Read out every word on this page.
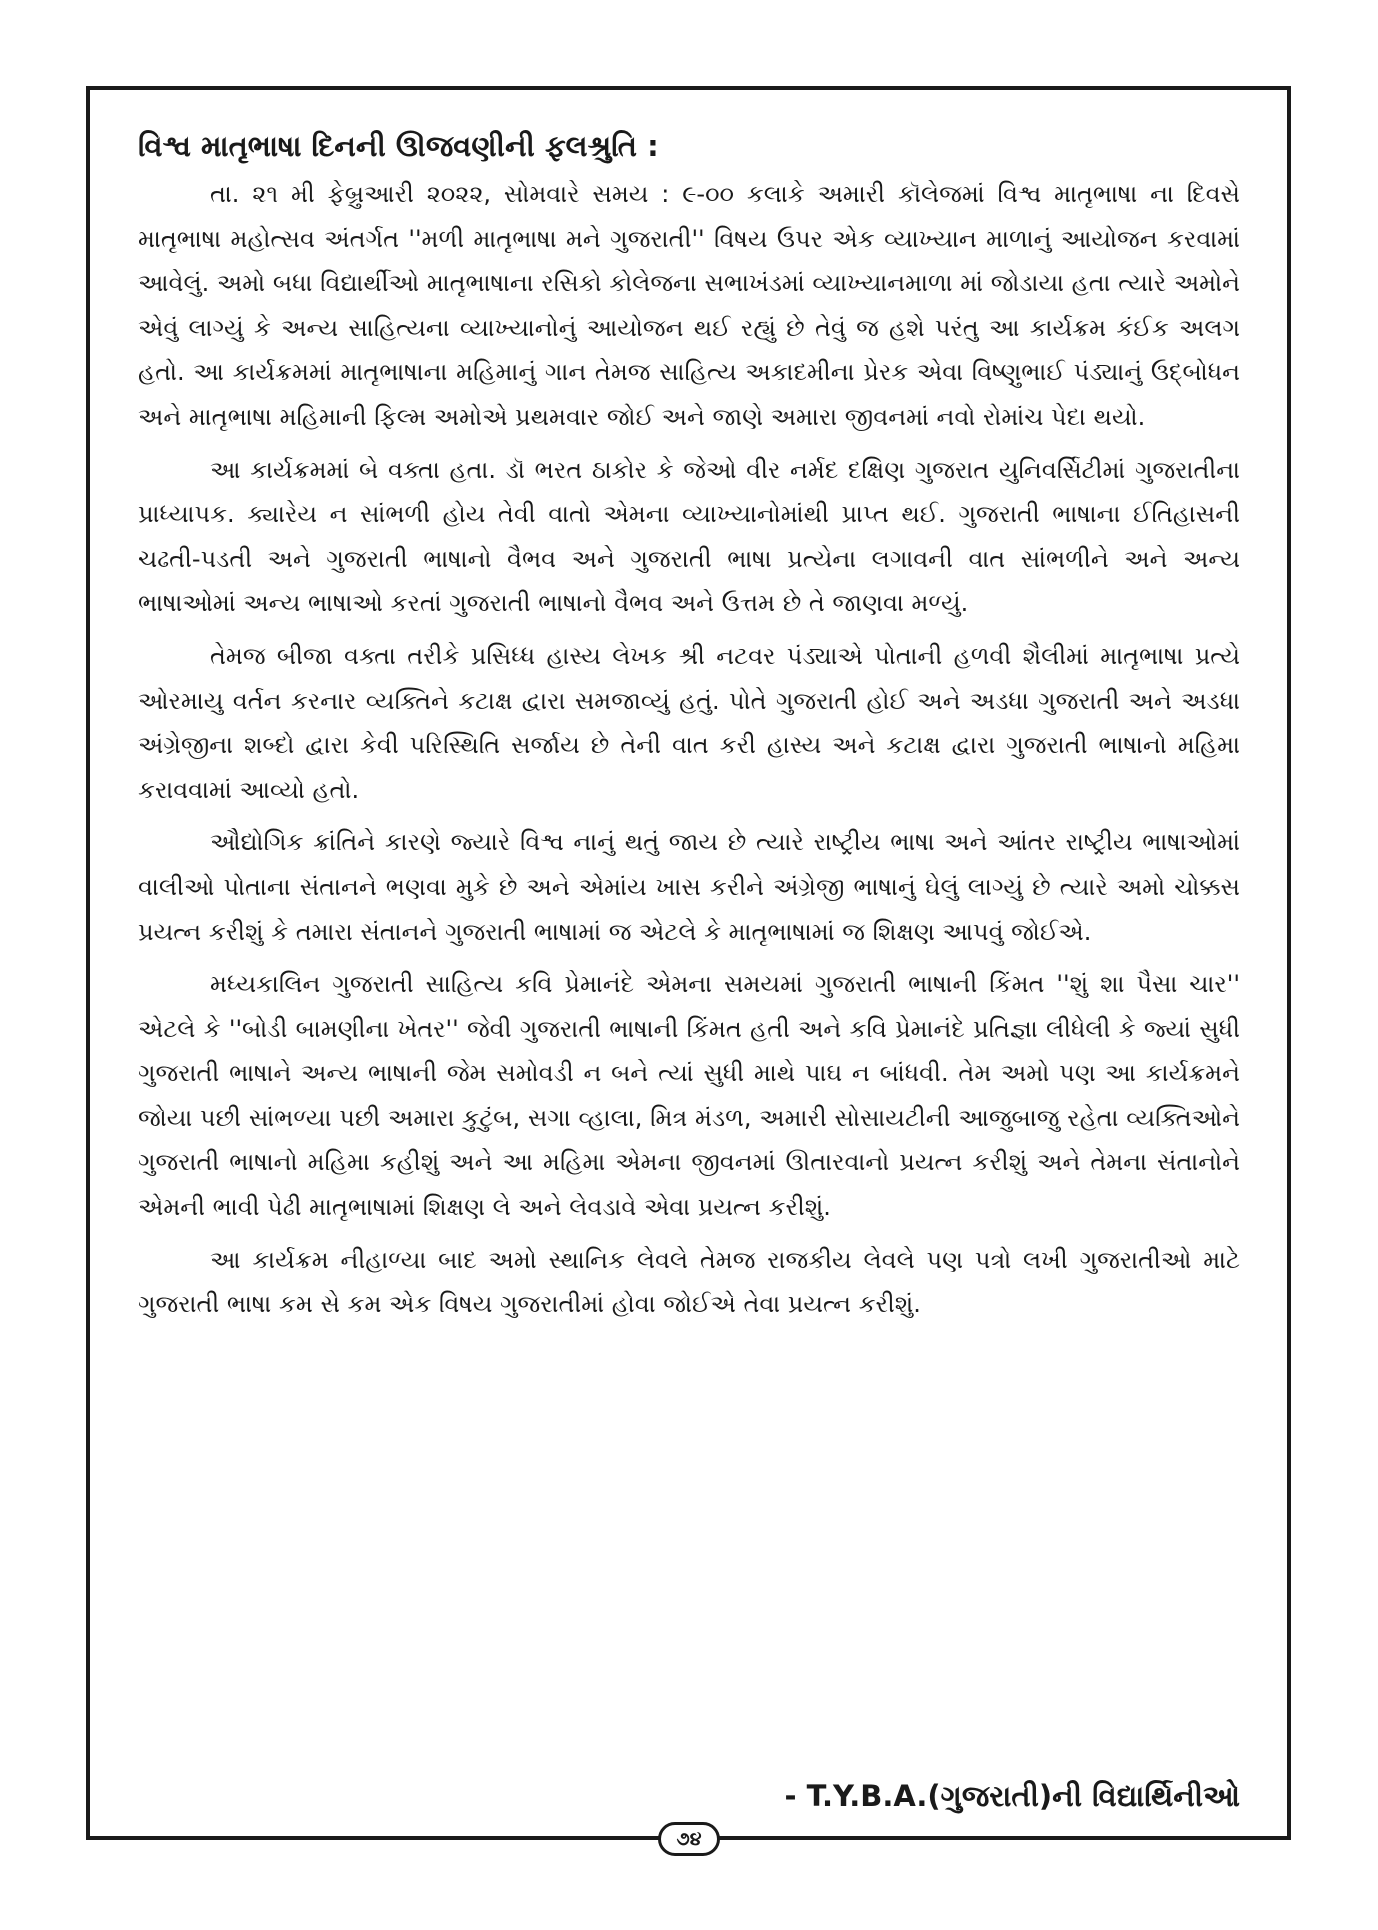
વિશ્વ માતૃભાષા દિનની ઊજવણીની ફલશ્રુતિ :

તા. ૨૧ મી ફેબ્રુઆરી ૨૦૨૨, સોમવારે સમય : ૯-૦૦ કલાકે અમારી કૉલેજમાં વિશ્વ માતૃભાષા ના દિવસે માતૃભાષા મહોત્સવ અંતર્ગત ''મળી માતૃભાષા મને ગુજરાતી'' વિષય ઉપર એક વ્યાખ્યાન માળાનું આયોજન કરવામાં આવેલું. અમો બધા વિદ્યાર્થીઓ માતૃભાષાના રસિકો કોલેજના સભાખંડમાં વ્યાખ્યાનમાળા માં જોડાયા હતા ત્યારે અમોને એવું લાગ્યું કે અન્ય સાહિત્યના વ્યાખ્યાનોનું આયોજન થઈ રહ્યું છે તેવું જ હશે પરંતુ આ કાર્યક્રમ કંઈક અલગ હતો. આ કાર્યક્રમમાં માતૃભાષાના મહિમાનું ગાન તેમજ સાહિત્ય અકાદમીના પ્રેરક એવા વિષ્ણુભાઈ પંડ્યાનું ઉદ્‌બોધન અને માતૃભાષા મહિમાની ફિલ્મ અમોએ પ્રથમવાર જોઈ અને જાણે અમારા જીવનમાં નવો રોમાંચ પેદા થયો.

આ કાર્યક્રમમાં બે વક્તા હતા. ડૉ ભરત ઠાકોર કે જેઓ વીર નર્મદ દક્ષિણ ગુજરાત યુનિવર્સિટીમાં ગુજરાતીના પ્રાધ્યાપક. ક્યારેય ન સાંભળી હોય તેવી વાતો એમના વ્યાખ્યાનોમાંથી પ્રાપ્ત થઈ. ગુજરાતી ભાષાના ઈતિહાસની ચઢતી-પડતી અને ગુજરાતી ભાષાનો વૈભવ અને ગુજરાતી ભાષા પ્રત્યેના લગાવની વાત સાંભળીને અને અન્ય ભાષાઓમાં અન્ય ભાષાઓ કરતાં ગુજરાતી ભાષાનો વૈભવ અને ઉત્તમ છે તે જાણવા મળ્યું.

તેમજ બીજા વક્તા તરીકે પ્રસિધ્ધ હાસ્ય લેખક શ્રી નટવર પંડ્યાએ પોતાની હળવી શૈલીમાં માતૃભાષા પ્રત્યે ઓરમાયુ વર્તન કરનાર વ્યક્તિને કટાક્ષ દ્વારા સમજાવ્યું હતું. પોતે ગુજરાતી હોઈ અને અડધા ગુજરાતી અને અડધા અંગ્રેજીના શબ્દો દ્વારા કેવી પરિસ્થિતિ સર્જાય છે તેની વાત કરી હાસ્ય અને કટાક્ષ દ્વારા ગુજરાતી ભાષાનો મહિમા કરાવવામાં આવ્યો હતો.

ઔદ્યોગિક ક્રાંતિને કારણે જ્યારે વિશ્વ નાનું થતું જાય છે ત્યારે રાષ્ટ્રીય ભાષા અને આંતર રાષ્ટ્રીય ભાષાઓમાં વાલીઓ પોતાના સંતાનને ભણવા મુકે છે અને એમાંય ખાસ કરીને અંગ્રેજી ભાષાનું ઘેલું લાગ્યું છે ત્યારે અમો ચોક્કસ પ્રયત્ન કરીશું કે તમારા સંતાનને ગુજરાતી ભાષામાં જ એટલે કે માતૃભાષામાં જ શિક્ષણ આપવું જોઈએ.

મધ્યકાલિન ગુજરાતી સાહિત્ય કવિ પ્રેમાનંદે એમના સમયમાં ગુજરાતી ભાષાની કિંમત ''શું શા પૈસા ચાર'' એટલે કે ''બોડી બામણીના ખેતર'' જેવી ગુજરાતી ભાષાની કિંમત હતી અને કવિ પ્રેમાનંદે પ્રતિજ્ઞા લીધેલી કે જ્યાં સુધી ગુજરાતી ભાષાને અન્ય ભાષાની જેમ સમોવડી ન બને ત્યાં સુધી માથે પાઘ ન બાંધવી. તેમ અમો પણ આ કાર્યક્રમને જોયા પછી સાંભળ્યા પછી અમારા કુટુંબ, સગા વ્હાલા, મિત્ર મંડળ, અમારી સોસાયટીની આજુબાજુ રહેતા વ્યક્તિઓને ગુજરાતી ભાષાનો મહિમા કહીશું અને આ મહિમા એમના જીવનમાં ઊતારવાનો પ્રયત્ન કરીશું અને તેમના સંતાનોને એમની ભાવી પેઢી માતૃભાષામાં શિક્ષણ લે અને લેવડાવે એવા પ્રયત્ન કરીશું.

આ કાર્યક્રમ નીહાળ્યા બાદ અમો સ્થાનિક લેવલે તેમજ રાજકીય લેવલે પણ પત્રો લખી ગુજરાતીઓ માટે ગુજરાતી ભાષા કમ સે કમ એક વિષય ગુજરાતીમાં હોવા જોઈએ તેવા પ્રયત્ન કરીશું.

- T.Y.B.A.(ગુજરાતી)ની વિદ્યાર્થિનીઓ
૭૪
